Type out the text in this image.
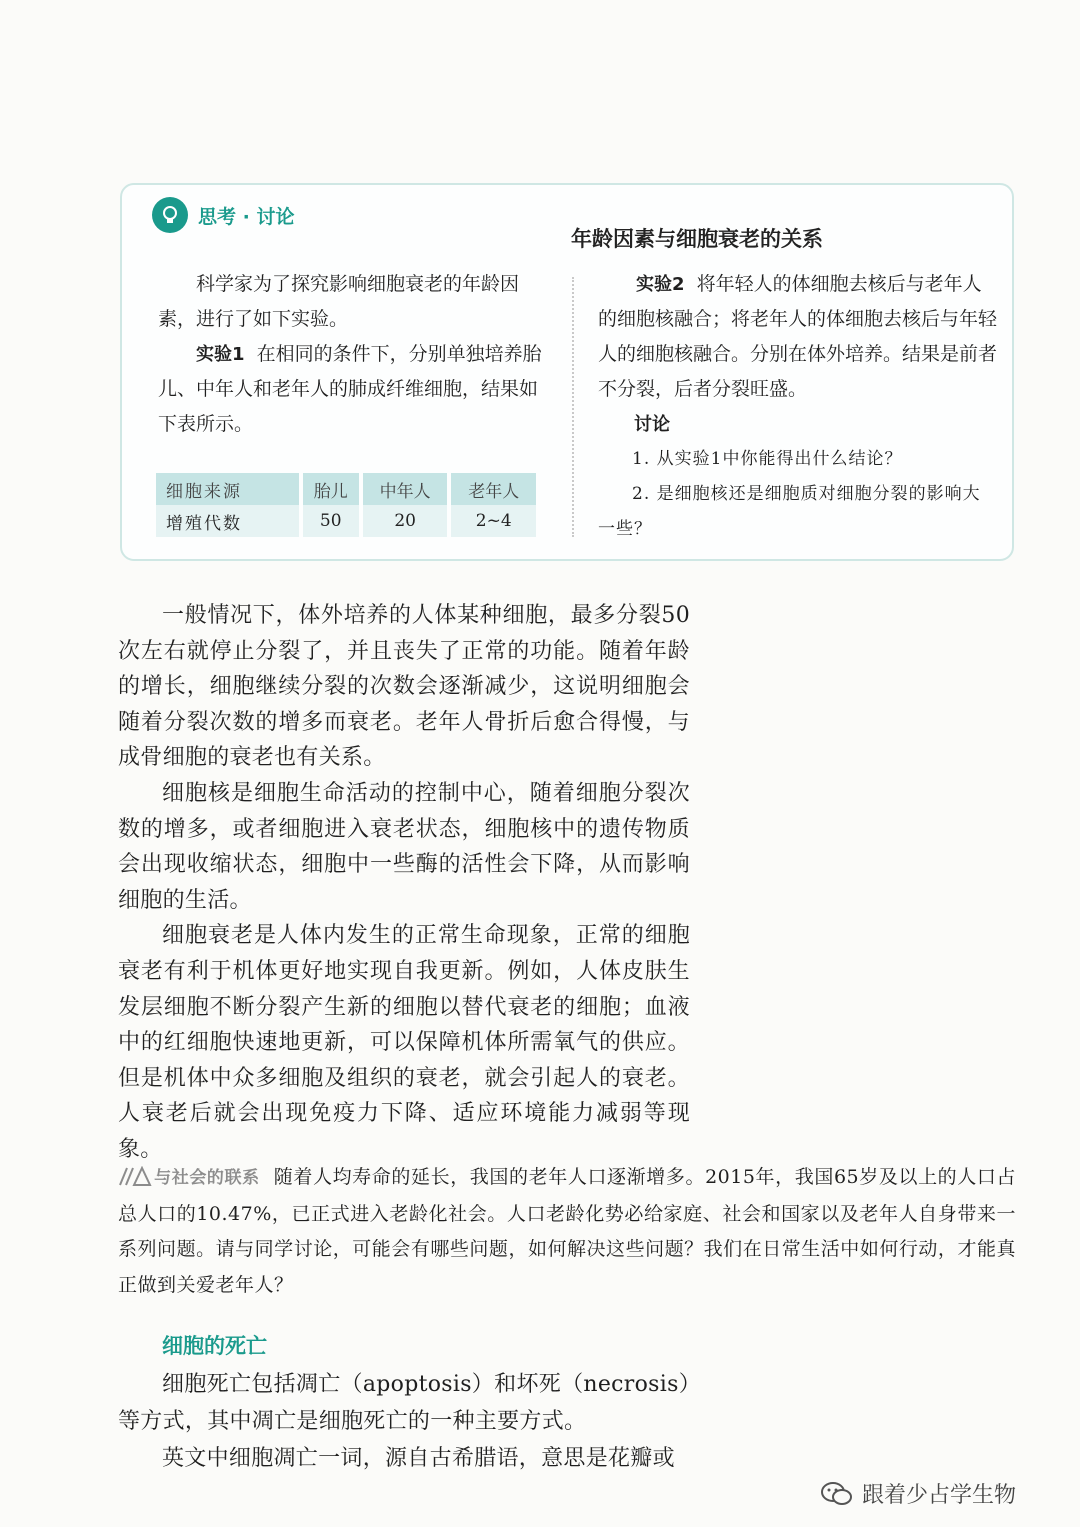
思考 · 讨论
年龄因素与细胞衰老的关系

科学家为了探究影响细胞衰老的年龄因素，进行了如下实验。

实验1 在相同的条件下，分别单独培养胎儿、中年人和老年人的肺成纤维细胞，结果如下表所示。

细胞来源	胎儿	中年人	老年人
增殖代数	50	20	2~4

实验2 将年轻人的体细胞去核后与老年人的细胞核融合；将老年人的体细胞去核后与年轻人的细胞核融合。分别在体外培养。结果是前者不分裂，后者分裂旺盛。

讨论

1. 从实验1中你能得出什么结论？

2. 是细胞核还是细胞质对细胞分裂的影响大一些？

一般情况下，体外培养的人体某种细胞，最多分裂50次左右就停止分裂了，并且丧失了正常的功能。随着年龄的增长，细胞继续分裂的次数会逐渐减少，这说明细胞会随着分裂次数的增多而衰老。老年人骨折后愈合得慢，与成骨细胞的衰老也有关系。

细胞核是细胞生命活动的控制中心，随着细胞分裂次数的增多，或者细胞进入衰老状态，细胞核中的遗传物质会出现收缩状态，细胞中一些酶的活性会下降，从而影响细胞的生活。

细胞衰老是人体内发生的正常生命现象，正常的细胞衰老有利于机体更好地实现自我更新。例如，人体皮肤生发层细胞不断分裂产生新的细胞以替代衰老的细胞；血液中的红细胞快速地更新，可以保障机体所需氧气的供应。但是机体中众多细胞及组织的衰老，就会引起人的衰老。人衰老后就会出现免疫力下降、适应环境能力减弱等现象。

与社会的联系 随着人均寿命的延长，我国的老年人口逐渐增多。2015年，我国65岁及以上的人口占总人口的10.47%，已正式进入老龄化社会。人口老龄化势必给家庭、社会和国家以及老年人自身带来一系列问题。请与同学讨论，可能会有哪些问题，如何解决这些问题？我们在日常生活中如何行动，才能真正做到关爱老年人？
细胞的死亡

细胞死亡包括凋亡（apoptosis）和坏死（necrosis）等方式，其中凋亡是细胞死亡的一种主要方式。

英文中细胞凋亡一词，源自古希腊语，意思是花瓣或

跟着少占学生物
